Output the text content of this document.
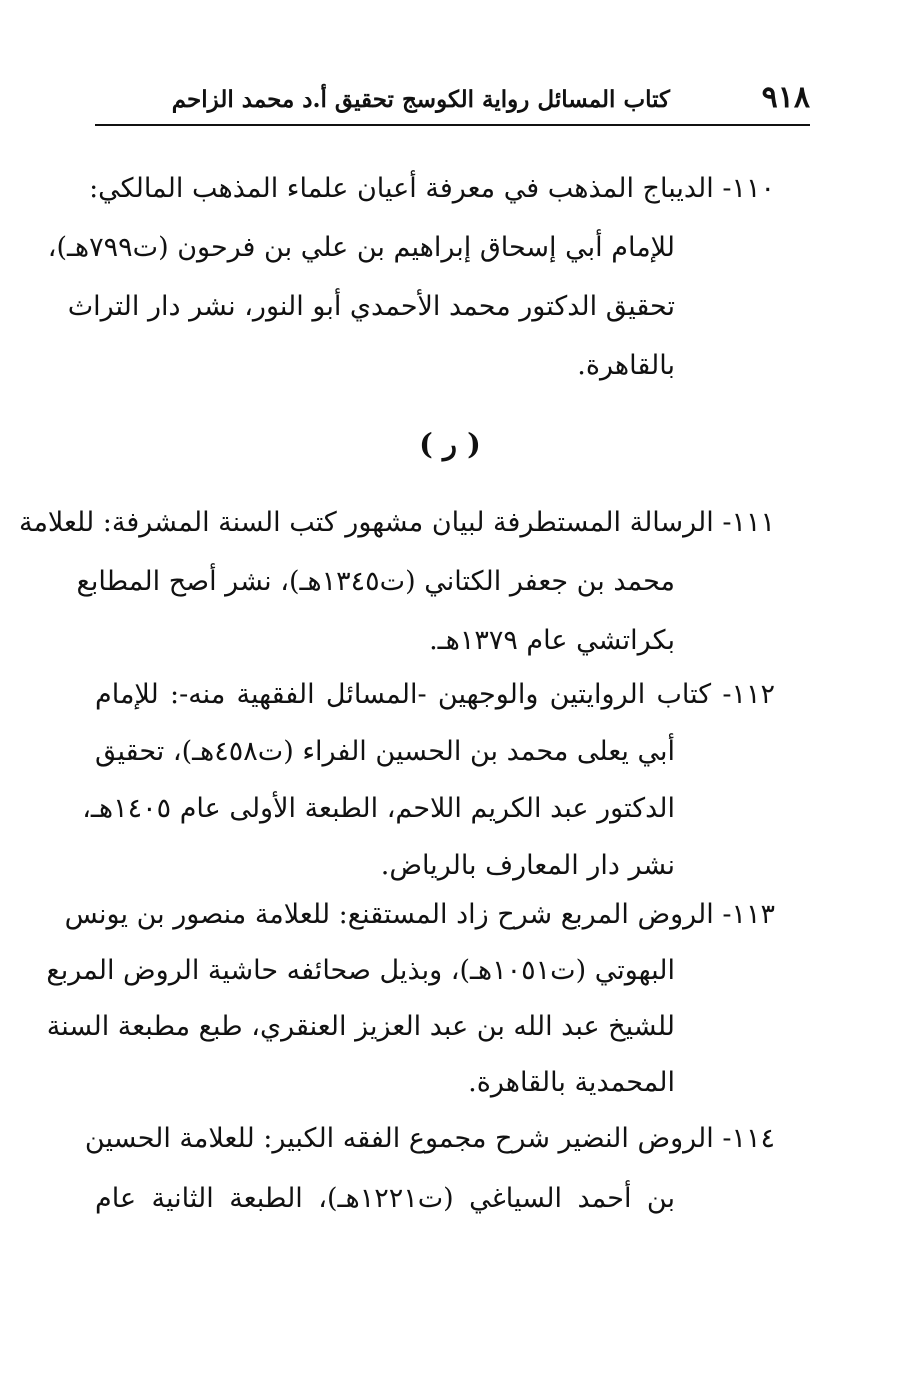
٩١٨
كتاب المسائل رواية الكوسج تحقيق أ.د محمد الزاحم
١١٠- الديباج المذهب في معرفة أعيان علماء المذهب المالكي:
للإمام أبي إسحاق إبراهيم بن علي بن فرحون (ت٧٩٩هـ)،
تحقيق الدكتور محمد الأحمدي أبو النور، نشر دار التراث
بالقاهرة.
( ر )
١١١- الرسالة المستطرفة لبيان مشهور كتب السنة المشرفة: للعلامة
محمد بن جعفر الكتاني (ت١٣٤٥هـ)، نشر أصح المطابع
بكراتشي عام ١٣٧٩هـ.
١١٢- كتاب الروايتين والوجهين -المسائل الفقهية منه-: للإمام
أبي يعلى محمد بن الحسين الفراء (ت٤٥٨هـ)، تحقيق
الدكتور عبد الكريم اللاحم، الطبعة الأولى عام ١٤٠٥هـ،
نشر دار المعارف بالرياض.
١١٣- الروض المربع شرح زاد المستقنع: للعلامة منصور بن يونس
البهوتي (ت١٠٥١هـ)، وبذيل صحائفه حاشية الروض المربع
للشيخ عبد الله بن عبد العزيز العنقري، طبع مطبعة السنة
المحمدية بالقاهرة.
١١٤- الروض النضير شرح مجموع الفقه الكبير: للعلامة الحسين
بن أحمد السياغي (ت١٢٢١هـ)، الطبعة الثانية عام
